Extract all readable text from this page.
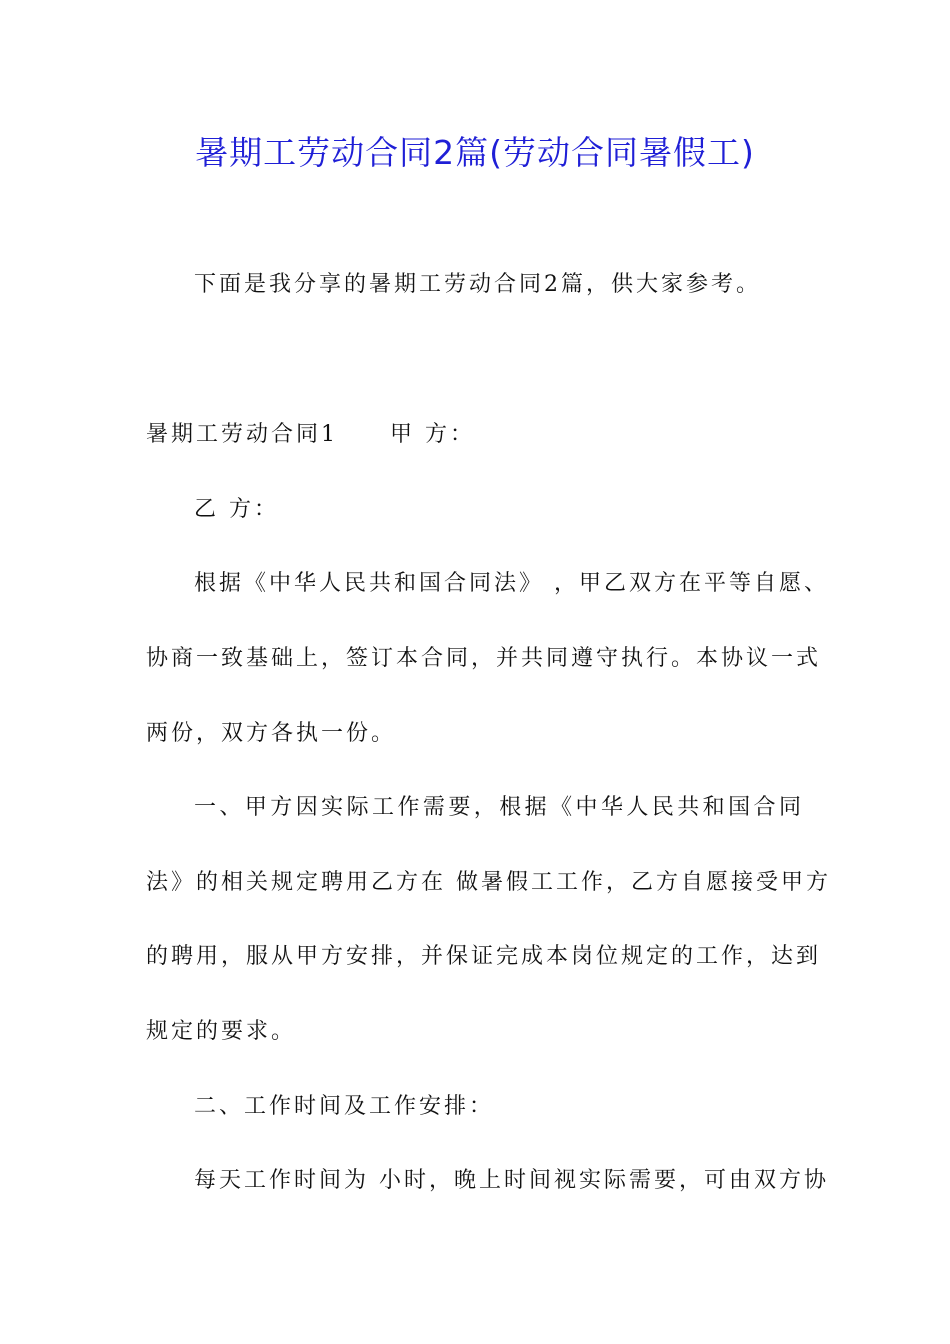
暑期工劳动合同2篇(劳动合同暑假工)
下面是我分享的暑期工劳动合同2篇，供大家参考。
暑期工劳动合同1 甲 方：
乙 方：
根据《中华人民共和国合同法》 ，甲乙双方在平等自愿、
协商一致基础上，签订本合同，并共同遵守执行。本协议一式
两份，双方各执一份。
一、甲方因实际工作需要，根据《中华人民共和国合同
法》的相关规定聘用乙方在 做暑假工工作，乙方自愿接受甲方
的聘用，服从甲方安排，并保证完成本岗位规定的工作，达到
规定的要求。
二、工作时间及工作安排：
每天工作时间为 小时，晚上时间视实际需要，可由双方协
